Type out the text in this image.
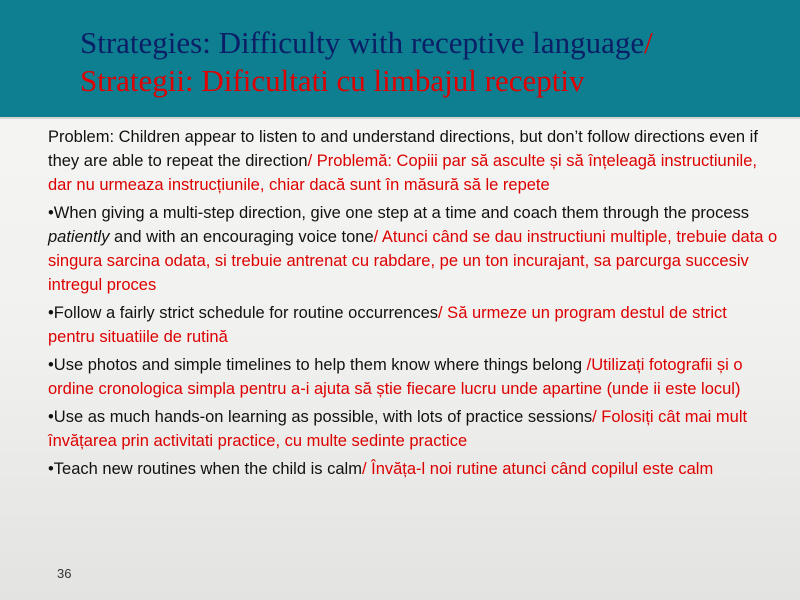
Strategies: Difficulty with receptive language/
Strategii: Dificultati cu limbajul receptiv

Problem: Children appear to listen to and understand directions, but don’t follow directions even if they are able to repeat the direction/ Problemă: Copiii par să asculte și să înțeleagă instructiunile, dar nu urmeaza instrucțiunile, chiar dacă sunt în măsură să le repete

•When giving a multi-step direction, give one step at a time and coach them through the process patiently and with an encouraging voice tone/ Atunci când se dau instructiuni multiple, trebuie data o singura sarcina odata, si trebuie antrenat cu rabdare, pe un ton incurajant, sa parcurga succesiv intregul proces

•Follow a fairly strict schedule for routine occurrences/ Să urmeze un program destul de strict pentru situatiile de rutină

•Use photos and simple timelines to help them know where things belong /Utilizați fotografii și o ordine cronologica simpla pentru a-i ajuta să știe fiecare lucru unde apartine (unde ii este locul)

•Use as much hands-on learning as possible, with lots of practice sessions/ Folosiți cât mai mult învățarea prin activitati practice, cu multe sedinte practice

•Teach new routines when the child is calm/ Învăța-l noi rutine atunci când copilul este calm

36
